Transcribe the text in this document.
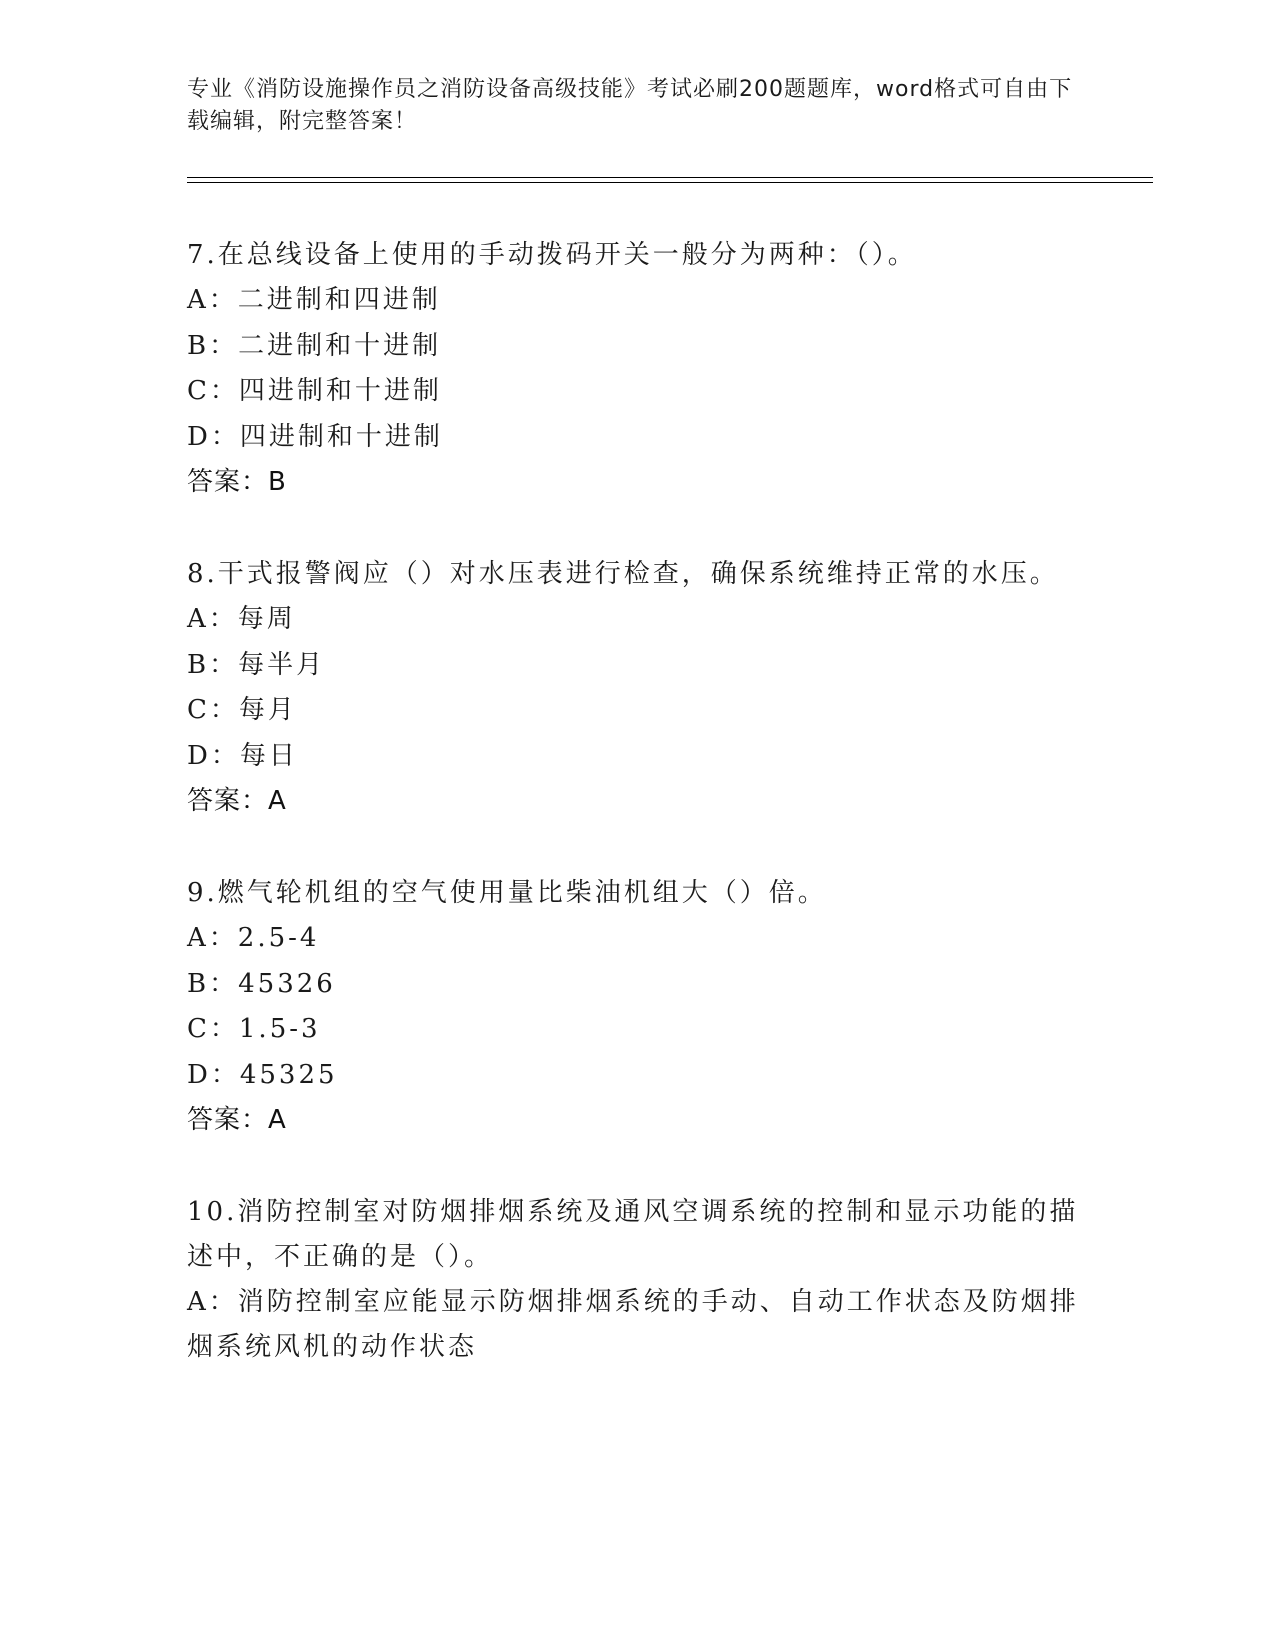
专业《消防设施操作员之消防设备高级技能》考试必刷200题题库，word格式可自由下载编辑，附完整答案！
7.在总线设备上使用的手动拨码开关一般分为两种：（）。
A：二进制和四进制
B：二进制和十进制
C：四进制和十进制
D：四进制和十进制
答案：B
8.干式报警阀应（）对水压表进行检查，确保系统维持正常的水压。
A：每周
B：每半月
C：每月
D：每日
答案：A
9.燃气轮机组的空气使用量比柴油机组大（）倍。
A：2.5-4
B：45326
C：1.5-3
D：45325
答案：A
10.消防控制室对防烟排烟系统及通风空调系统的控制和显示功能的描述中，不正确的是（）。
A：消防控制室应能显示防烟排烟系统的手动、自动工作状态及防烟排烟系统风机的动作状态
